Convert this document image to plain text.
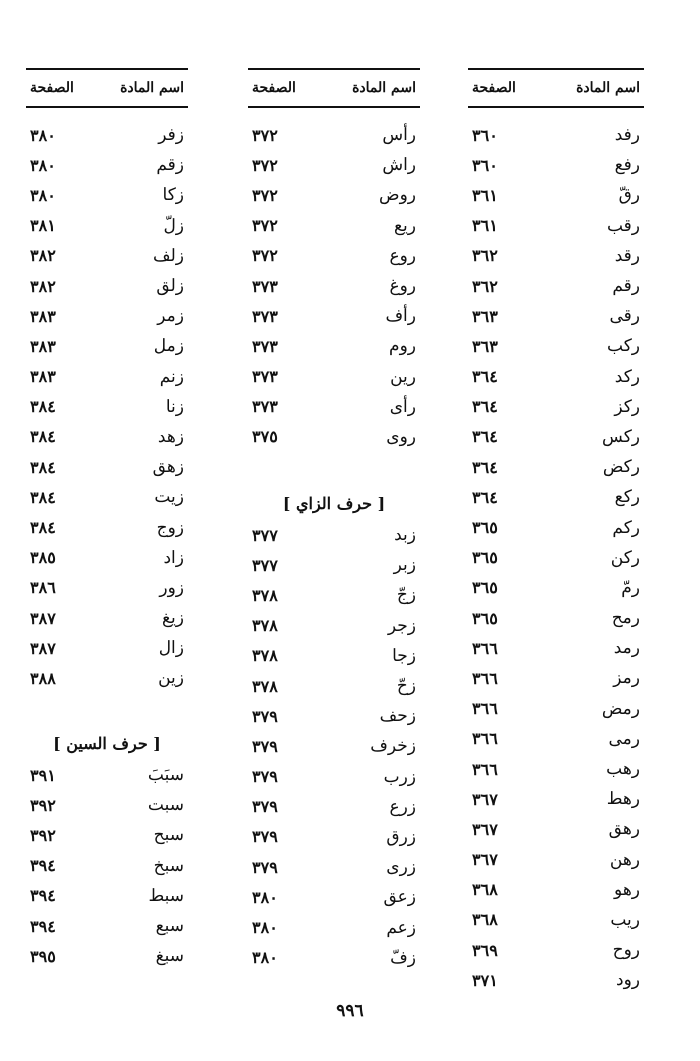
اسم المادة
الصفحة
رفد
٣٦٠
رفع
٣٦٠
رقّ
٣٦١
رقب
٣٦١
رقد
٣٦٢
رقم
٣٦٢
رقى
٣٦٣
ركب
٣٦٣
ركد
٣٦٤
ركز
٣٦٤
ركس
٣٦٤
ركض
٣٦٤
ركع
٣٦٤
ركم
٣٦٥
ركن
٣٦٥
رمّ
٣٦٥
رمح
٣٦٥
رمد
٣٦٦
رمز
٣٦٦
رمض
٣٦٦
رمى
٣٦٦
رهب
٣٦٦
رهط
٣٦٧
رهق
٣٦٧
رهن
٣٦٧
رهو
٣٦٨
ريب
٣٦٨
روح
٣٦٩
رود
٣٧١
اسم المادة
الصفحة
رأس
٣٧٢
راش
٣٧٢
روض
٣٧٢
ريع
٣٧٢
روع
٣٧٢
روغ
٣٧٣
رأف
٣٧٣
روم
٣٧٣
رين
٣٧٣
رأى
٣٧٣
روى
٣٧٥
[ حرف الزاي ]
زبد
٣٧٧
زبر
٣٧٧
زجّ
٣٧٨
زجر
٣٧٨
زجا
٣٧٨
زحّ
٣٧٨
زحف
٣٧٩
زخرف
٣٧٩
زرب
٣٧٩
زرع
٣٧٩
زرق
٣٧٩
زرى
٣٧٩
زعق
٣٨٠
زعم
٣٨٠
زفّ
٣٨٠
اسم المادة
الصفحة
زفر
٣٨٠
زقم
٣٨٠
زكا
٣٨٠
زلّ
٣٨١
زلف
٣٨٢
زلق
٣٨٢
زمر
٣٨٣
زمل
٣٨٣
زنم
٣٨٣
زنا
٣٨٤
زهد
٣٨٤
زهق
٣٨٤
زيت
٣٨٤
زوج
٣٨٤
زاد
٣٨٥
زور
٣٨٦
زيغ
٣٨٧
زال
٣٨٧
زين
٣٨٨
[ حرف السين ]
سبَبَ
٣٩١
سبت
٣٩٢
سبح
٣٩٢
سبخ
٣٩٤
سبط
٣٩٤
سبع
٣٩٤
سبغ
٣٩٥
٩٩٦
